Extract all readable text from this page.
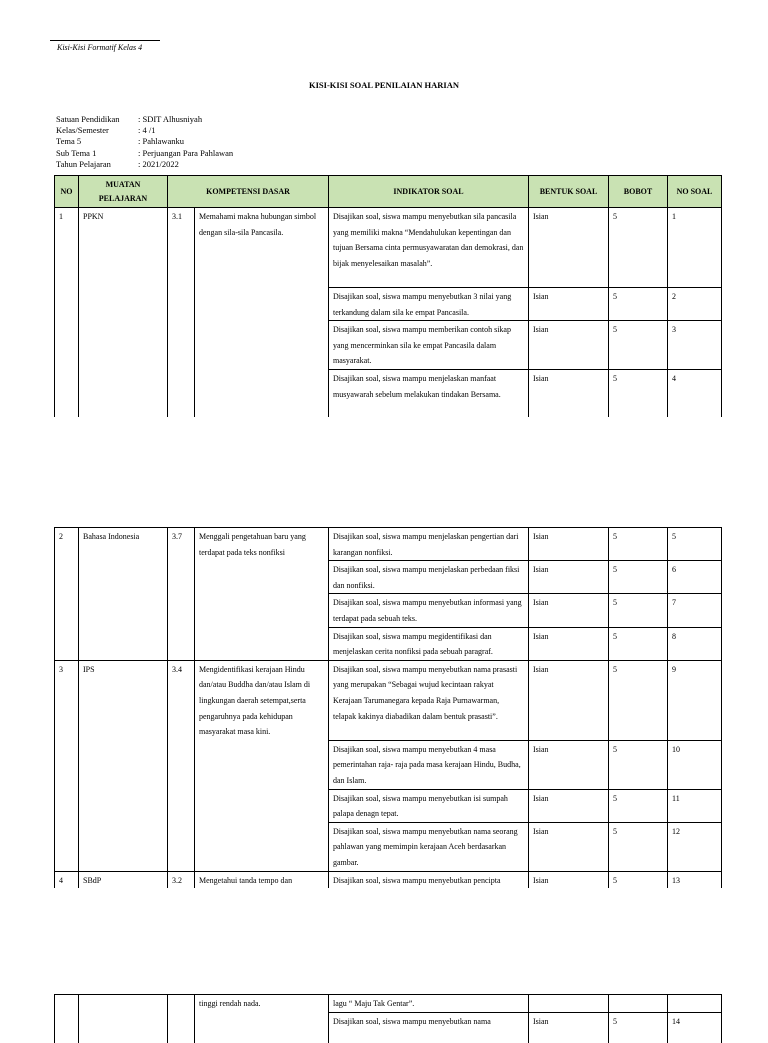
Kisi-Kisi Formatif Kelas 4
KISI-KISI SOAL PENILAIAN HARIAN
Satuan Pendidikan	: SDIT Alhusniyah
Kelas/Semester	: 4 /1
Tema 5	: Pahlawanku
Sub Tema 1	: Perjuangan Para Pahlawan
Tahun Pelajaran	: 2021/2022
NO	MUATAN PELAJARAN	KOMPETENSI DASAR		INDIKATOR SOAL	BENTUK SOAL	BOBOT	NO SOAL
1	PPKN	3.1	Memahami makna hubungan simbol dengan sila-sila Pancasila.	Disajikan soal, siswa mampu menyebutkan sila pancasila yang memiliki makna “Mendahulukan kepentingan dan tujuan Bersama cinta permusyawaratan dan demokrasi, dan bijak menyelesaikan masalah”.	Isian	5	1
				Disajikan soal, siswa mampu menyebutkan 3 nilai yang terkandung dalam sila ke empat Pancasila.	Isian	5	2
				Disajikan soal, siswa mampu memberikan contoh sikap yang mencerminkan sila ke empat Pancasila dalam masyarakat.	Isian	5	3
				Disajikan soal, siswa mampu menjelaskan manfaat musyawarah sebelum melakukan tindakan Bersama.	Isian	5	4
2	Bahasa Indonesia	3.7	Menggali pengetahuan baru yang terdapat pada teks nonfiksi	Disajikan soal, siswa mampu menjelaskan pengertian dari karangan nonfiksi.	Isian	5	5
				Disajikan soal, siswa mampu menjelaskan perbedaan fiksi dan nonfiksi.	Isian	5	6
				Disajikan soal, siswa mampu menyebutkan informasi yang terdapat pada sebuah teks.	Isian	5	7
				Disajikan soal, siswa mampu megidentifikasi dan menjelaskan cerita nonfiksi pada sebuah paragraf.	Isian	5	8
3	IPS	3.4	Mengidentifikasi kerajaan Hindu dan/atau Buddha dan/atau Islam di lingkungan daerah setempat,serta pengaruhnya pada kehidupan masyarakat masa kini.	Disajikan soal, siswa mampu menyebutkan nama prasasti yang merupakan “Sebagai wujud kecintaan rakyat Kerajaan Tarumanegara kepada Raja Purnawarman, telapak kakinya diabadikan dalam bentuk prasasti”.	Isian	5	9
				Disajikan soal, siswa mampu menyebutkan 4 masa pemerintahan raja- raja pada masa kerajaan Hindu, Budha, dan Islam.	Isian	5	10
				Disajikan soal, siswa mampu menyebutkan isi sumpah palapa denagn tepat.	Isian	5	11
				Disajikan soal, siswa mampu menyebutkan nama seorang pahlawan yang memimpin kerajaan Aceh berdasarkan gambar.	Isian	5	12
4	SBdP	3.2	Mengetahui tanda tempo dan	Disajikan soal, siswa mampu menyebutkan pencipta	Isian	5	13
			tinggi rendah nada.	lagu “ Maju Tak Gentar”.			
				Disajikan soal, siswa mampu menyebutkan nama	Isian	5	14
